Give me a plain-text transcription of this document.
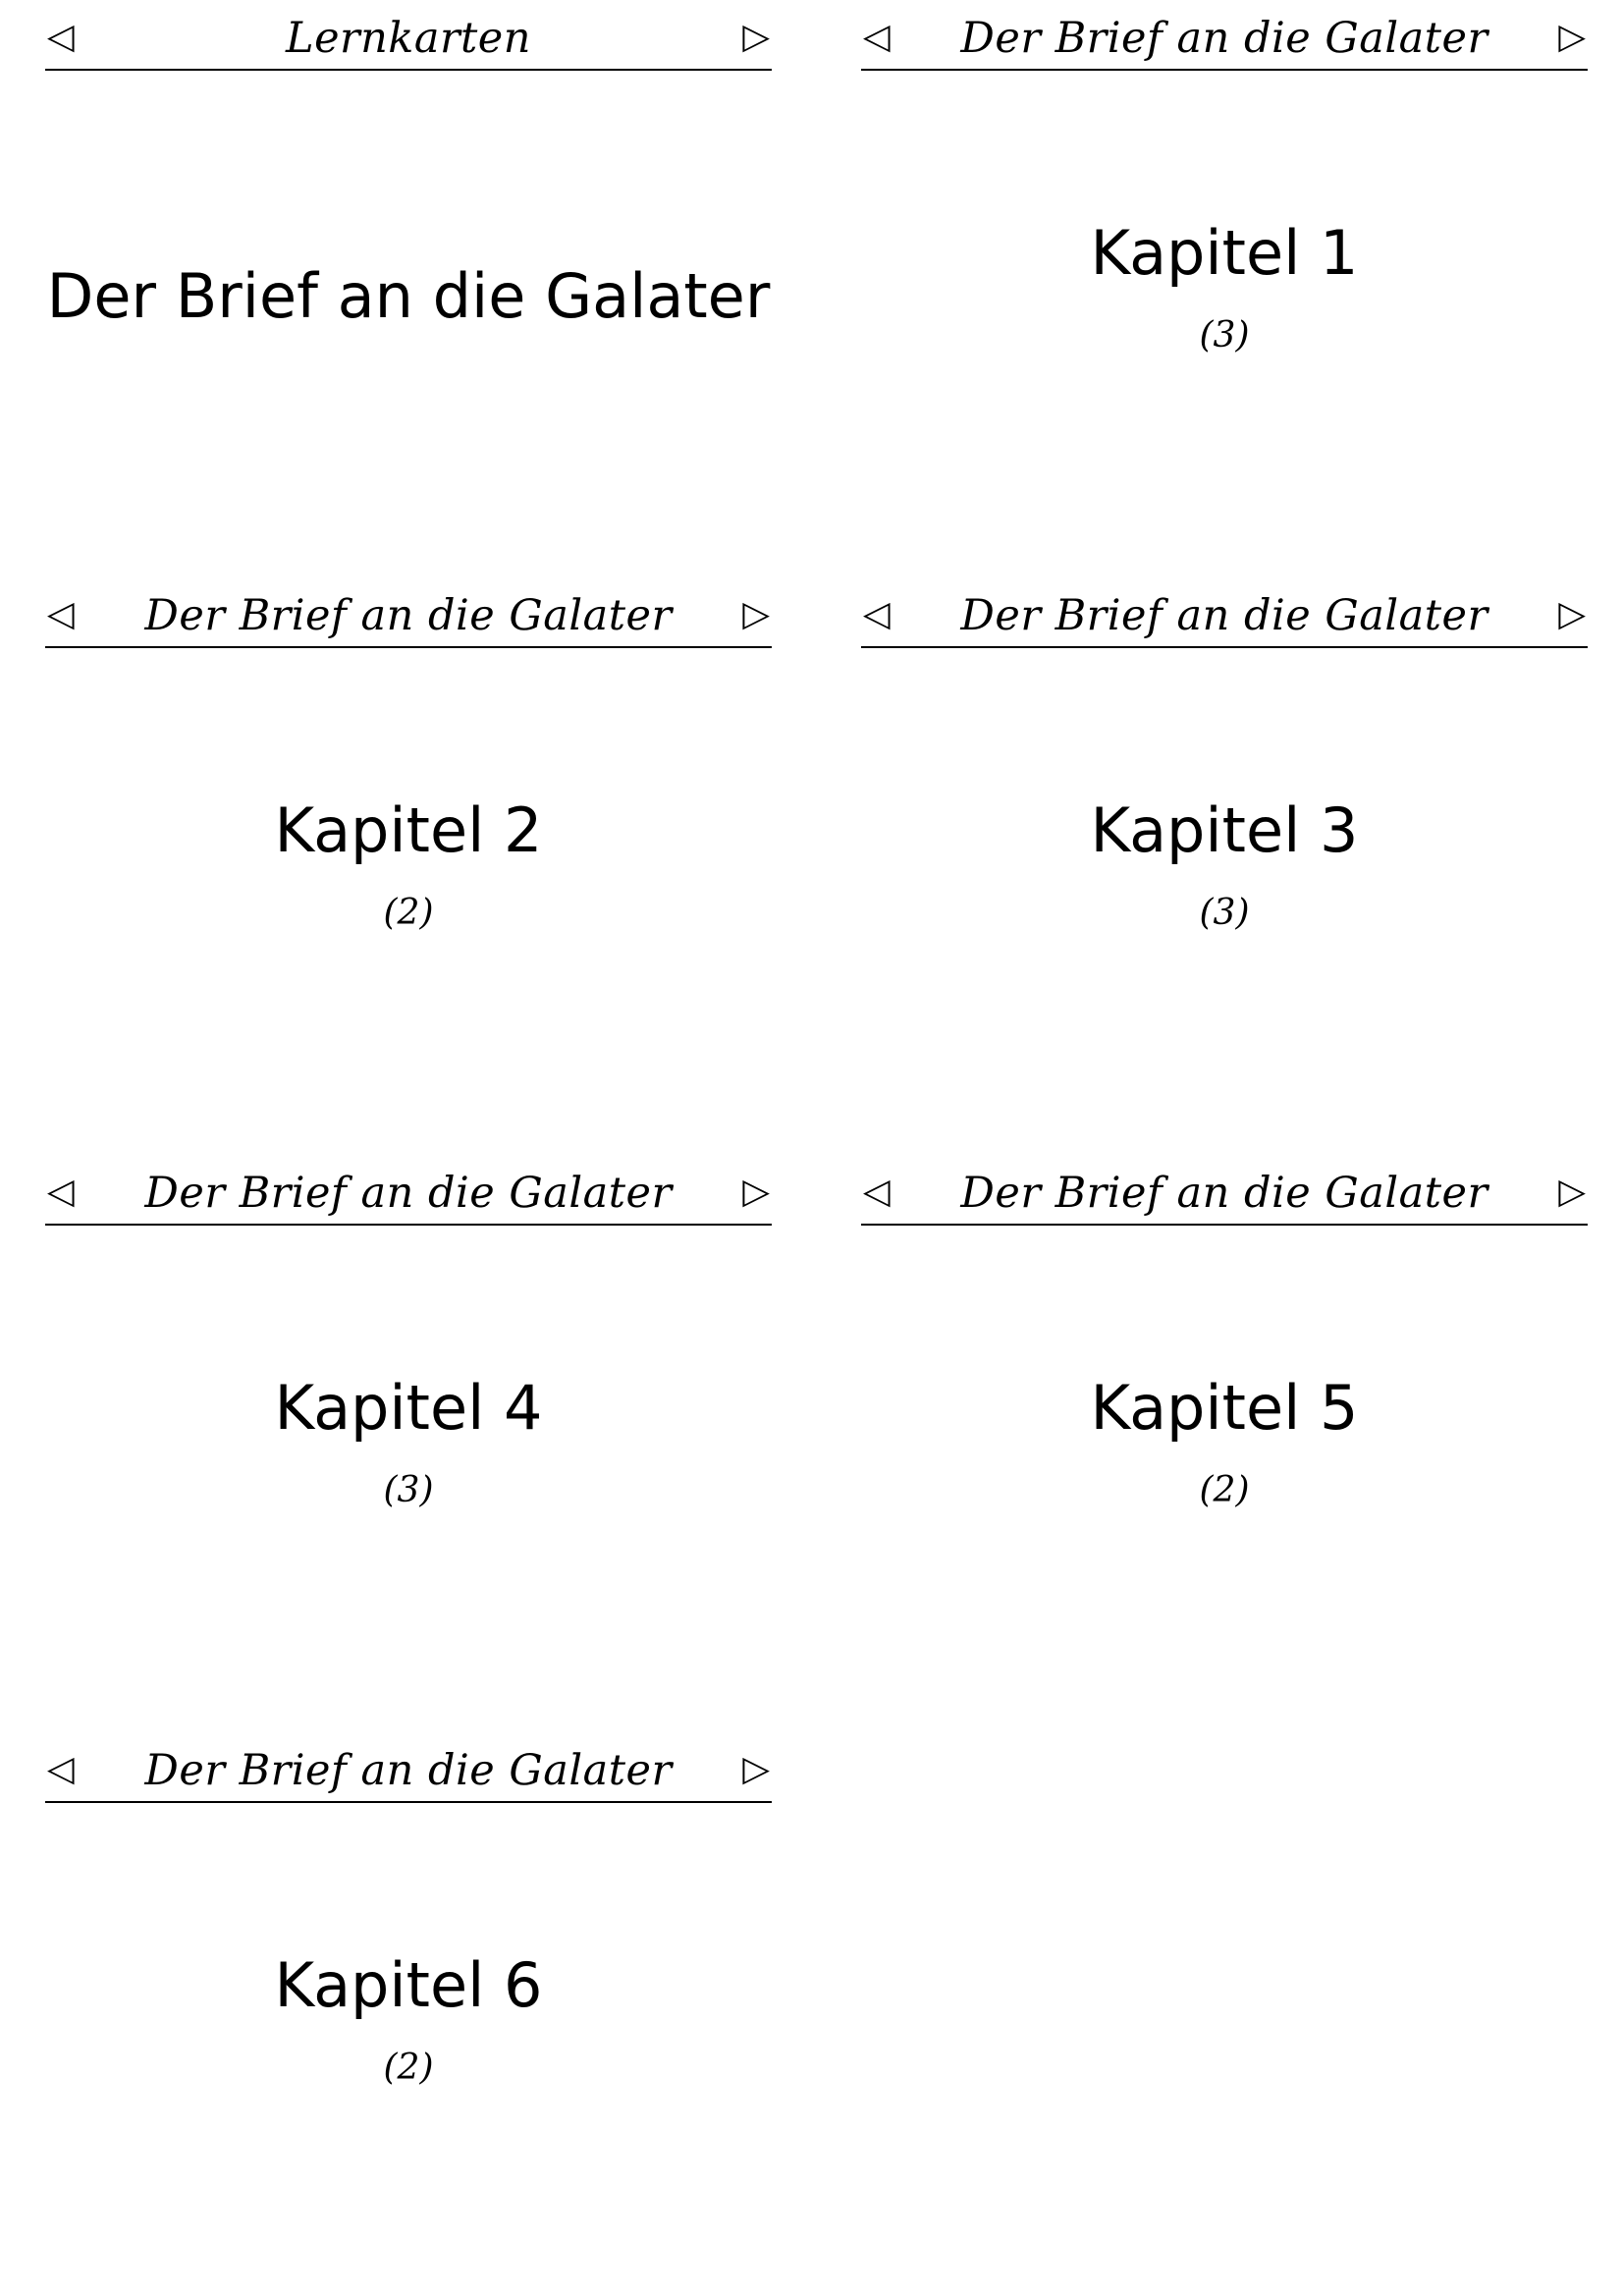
◁	Lernkarten	▷
Der Brief an die Galater
◁	Der Brief an die Galater	▷
Kapitel 1
(3)
◁	Der Brief an die Galater	▷
Kapitel 2
(2)
◁	Der Brief an die Galater	▷
Kapitel 3
(3)
◁	Der Brief an die Galater	▷
Kapitel 4
(3)
◁	Der Brief an die Galater	▷
Kapitel 5
(2)
◁	Der Brief an die Galater	▷
Kapitel 6
(2)
